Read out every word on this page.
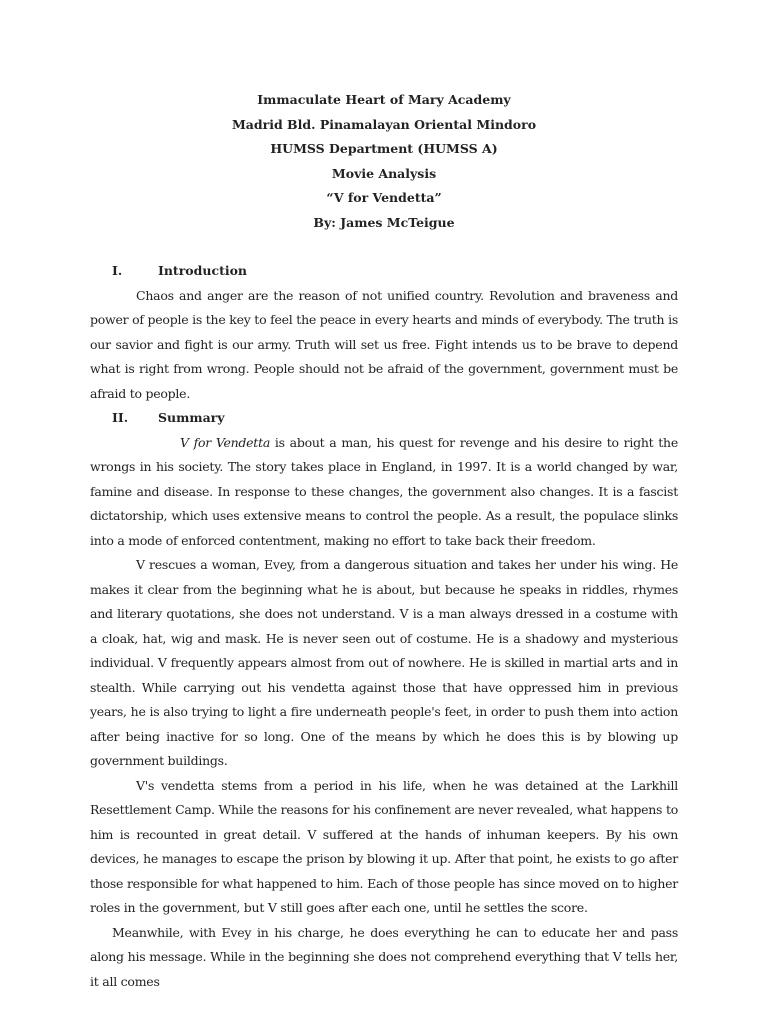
Immaculate Heart of Mary Academy
Madrid Bld. Pinamalayan Oriental Mindoro
HUMSS Department (HUMSS A)
Movie Analysis
“V for Vendetta”
By: James McTeigue
I.	Introduction

Chaos and anger are the reason of not unified country. Revolution and braveness and power of people is the key to feel the peace in every hearts and minds of everybody. The truth is our savior and fight is our army. Truth will set us free. Fight intends us to be brave to depend what is right from wrong. People should not be afraid of the government, government must be afraid to people.

II.	Summary

V for Vendetta is about a man, his quest for revenge and his desire to right the wrongs in his society. The story takes place in England, in 1997. It is a world changed by war, famine and disease. In response to these changes, the government also changes. It is a fascist dictatorship, which uses extensive means to control the people. As a result, the populace slinks into a mode of enforced contentment, making no effort to take back their freedom.

V rescues a woman, Evey, from a dangerous situation and takes her under his wing. He makes it clear from the beginning what he is about, but because he speaks in riddles, rhymes and literary quotations, she does not understand. V is a man always dressed in a costume with a cloak, hat, wig and mask. He is never seen out of costume. He is a shadowy and mysterious individual. V frequently appears almost from out of nowhere. He is skilled in martial arts and in stealth. While carrying out his vendetta against those that have oppressed him in previous years, he is also trying to light a fire underneath people's feet, in order to push them into action after being inactive for so long. One of the means by which he does this is by blowing up government buildings.

V's vendetta stems from a period in his life, when he was detained at the Larkhill Resettlement Camp. While the reasons for his confinement are never revealed, what happens to him is recounted in great detail. V suffered at the hands of inhuman keepers. By his own devices, he manages to escape the prison by blowing it up. After that point, he exists to go after those responsible for what happened to him. Each of those people has since moved on to higher roles in the government, but V still goes after each one, until he settles the score.

Meanwhile, with Evey in his charge, he does everything he can to educate her and pass along his message. While in the beginning she does not comprehend everything that V tells her, it all comes
